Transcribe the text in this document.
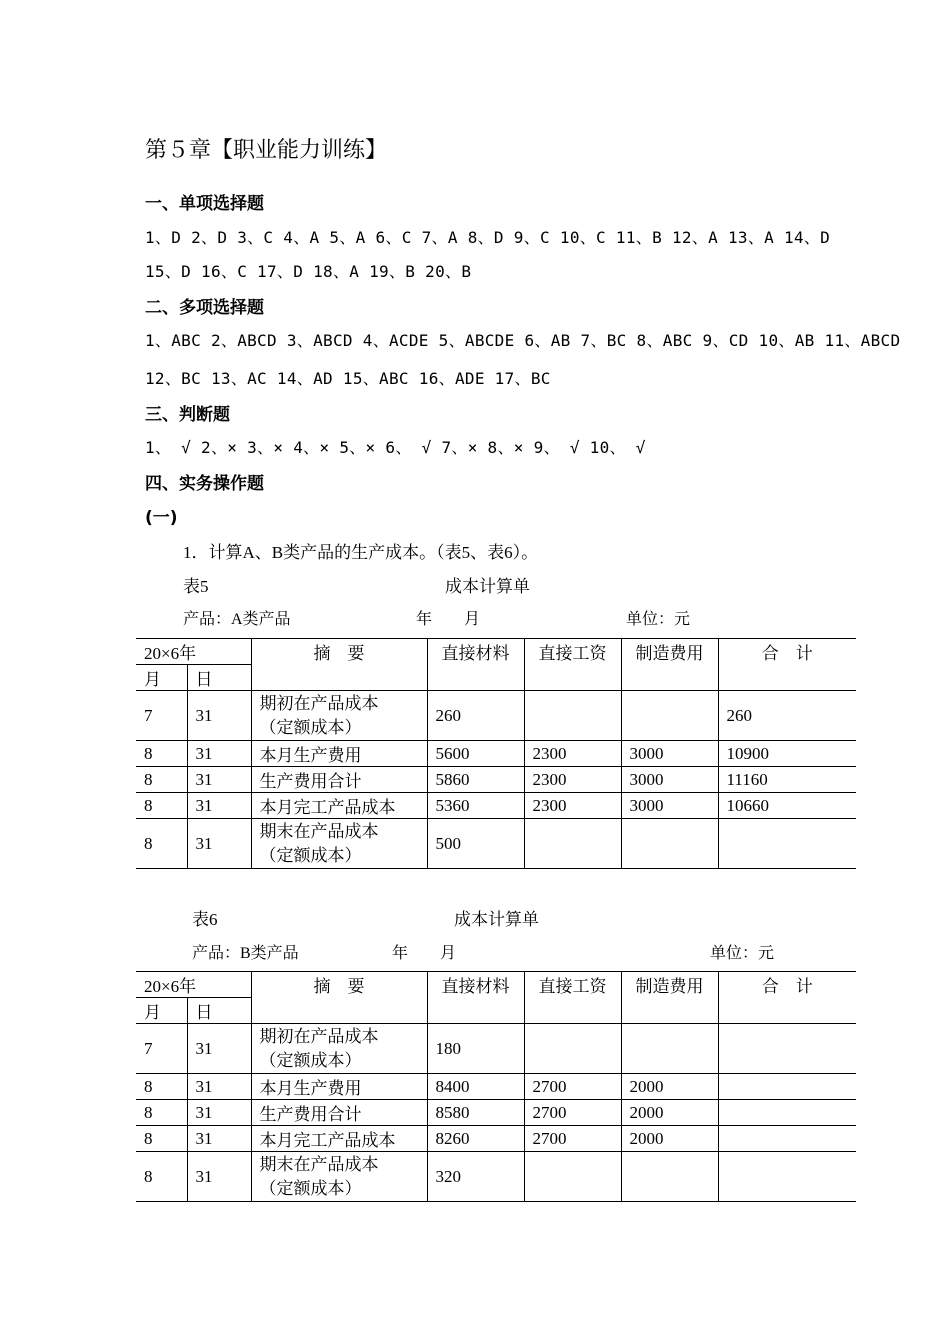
第５章【职业能力训练】
一、单项选择题
1、D 2、D 3、C 4、A 5、A 6、C 7、A 8、D 9、C 10、C 11、B 12、A 13、A 14、D
15、D 16、C 17、D 18、A 19、B 20、B
二、多项选择题
1、ABC 2、ABCD 3、ABCD 4、ACDE 5、ABCDE 6、AB 7、BC 8、ABC 9、CD 10、AB 11、ABCD
12、BC 13、AC 14、AD 15、ABC 16、ADE 17、BC
三、判断题
1、 √ 2、× 3、× 4、× 5、× 6、 √ 7、× 8、× 9、 √ 10、 √
四、实务操作题
(一)
1．计算A、B类产品的生产成本。（表5、表6）。
表5	成本计算单
产品：A类产品	年　　月	单位：元
20×6年		摘　要	直接材料	直接工资	制造费用	合　计
月	日					
7	31	期初在产品成本
（定额成本）	260			260
8	31	本月生产费用	5600	2300	3000	10900
8	31	生产费用合计	5860	2300	3000	11160
8	31	本月完工产品成本	5360	2300	3000	10660
8	31	期末在产品成本
（定额成本）	500			
表6	成本计算单
产品：B类产品	年　　月	单位：元
20×6年		摘　要	直接材料	直接工资	制造费用	合　计
月	日					
7	31	期初在产品成本
（定额成本）	180			
8	31	本月生产费用	8400	2700	2000	
8	31	生产费用合计	8580	2700	2000	
8	31	本月完工产品成本	8260	2700	2000	
8	31	期末在产品成本
（定额成本）	320			
